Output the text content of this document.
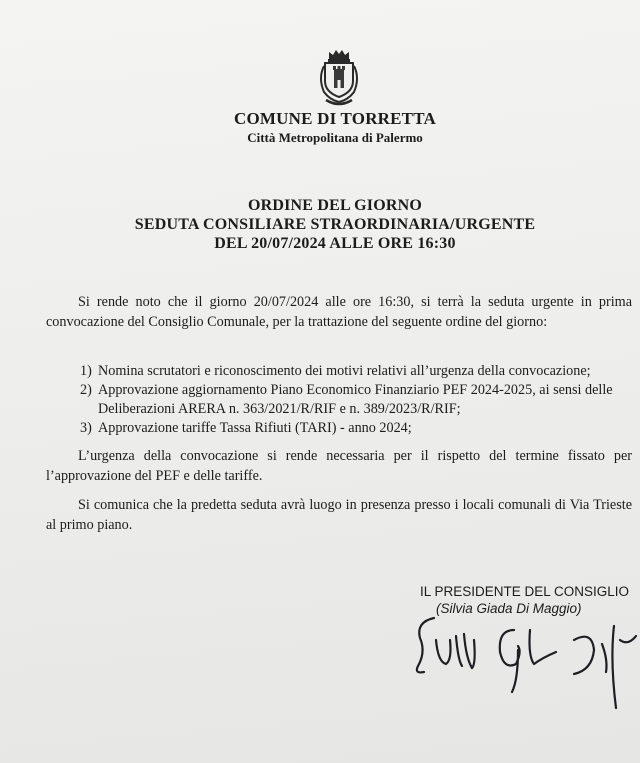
COMUNE DI TORRETTA
Città Metropolitana di Palermo
ORDINE DEL GIORNO
SEDUTA CONSILIARE STRAORDINARIA/URGENTE
DEL 20/07/2024 ALLE ORE 16:30
Si rende noto che il giorno 20/07/2024 alle ore 16:30, si terrà la seduta urgente in prima convocazione del Consiglio Comunale, per la trattazione del seguente ordine del giorno:
1) Nomina scrutatori e riconoscimento dei motivi relativi all’urgenza della convocazione;
2) Approvazione aggiornamento Piano Economico Finanziario PEF 2024-2025, ai sensi delle Deliberazioni ARERA n. 363/2021/R/RIF e n. 389/2023/R/RIF;
3) Approvazione tariffe Tassa Rifiuti (TARI) - anno 2024;
L’urgenza della convocazione si rende necessaria per il rispetto del termine fissato per l’approvazione del PEF e delle tariffe.
Si comunica che la predetta seduta avrà luogo in presenza presso i locali comunali di Via Trieste al primo piano.
IL PRESIDENTE DEL CONSIGLIO
(Silvia Giada Di Maggio)
